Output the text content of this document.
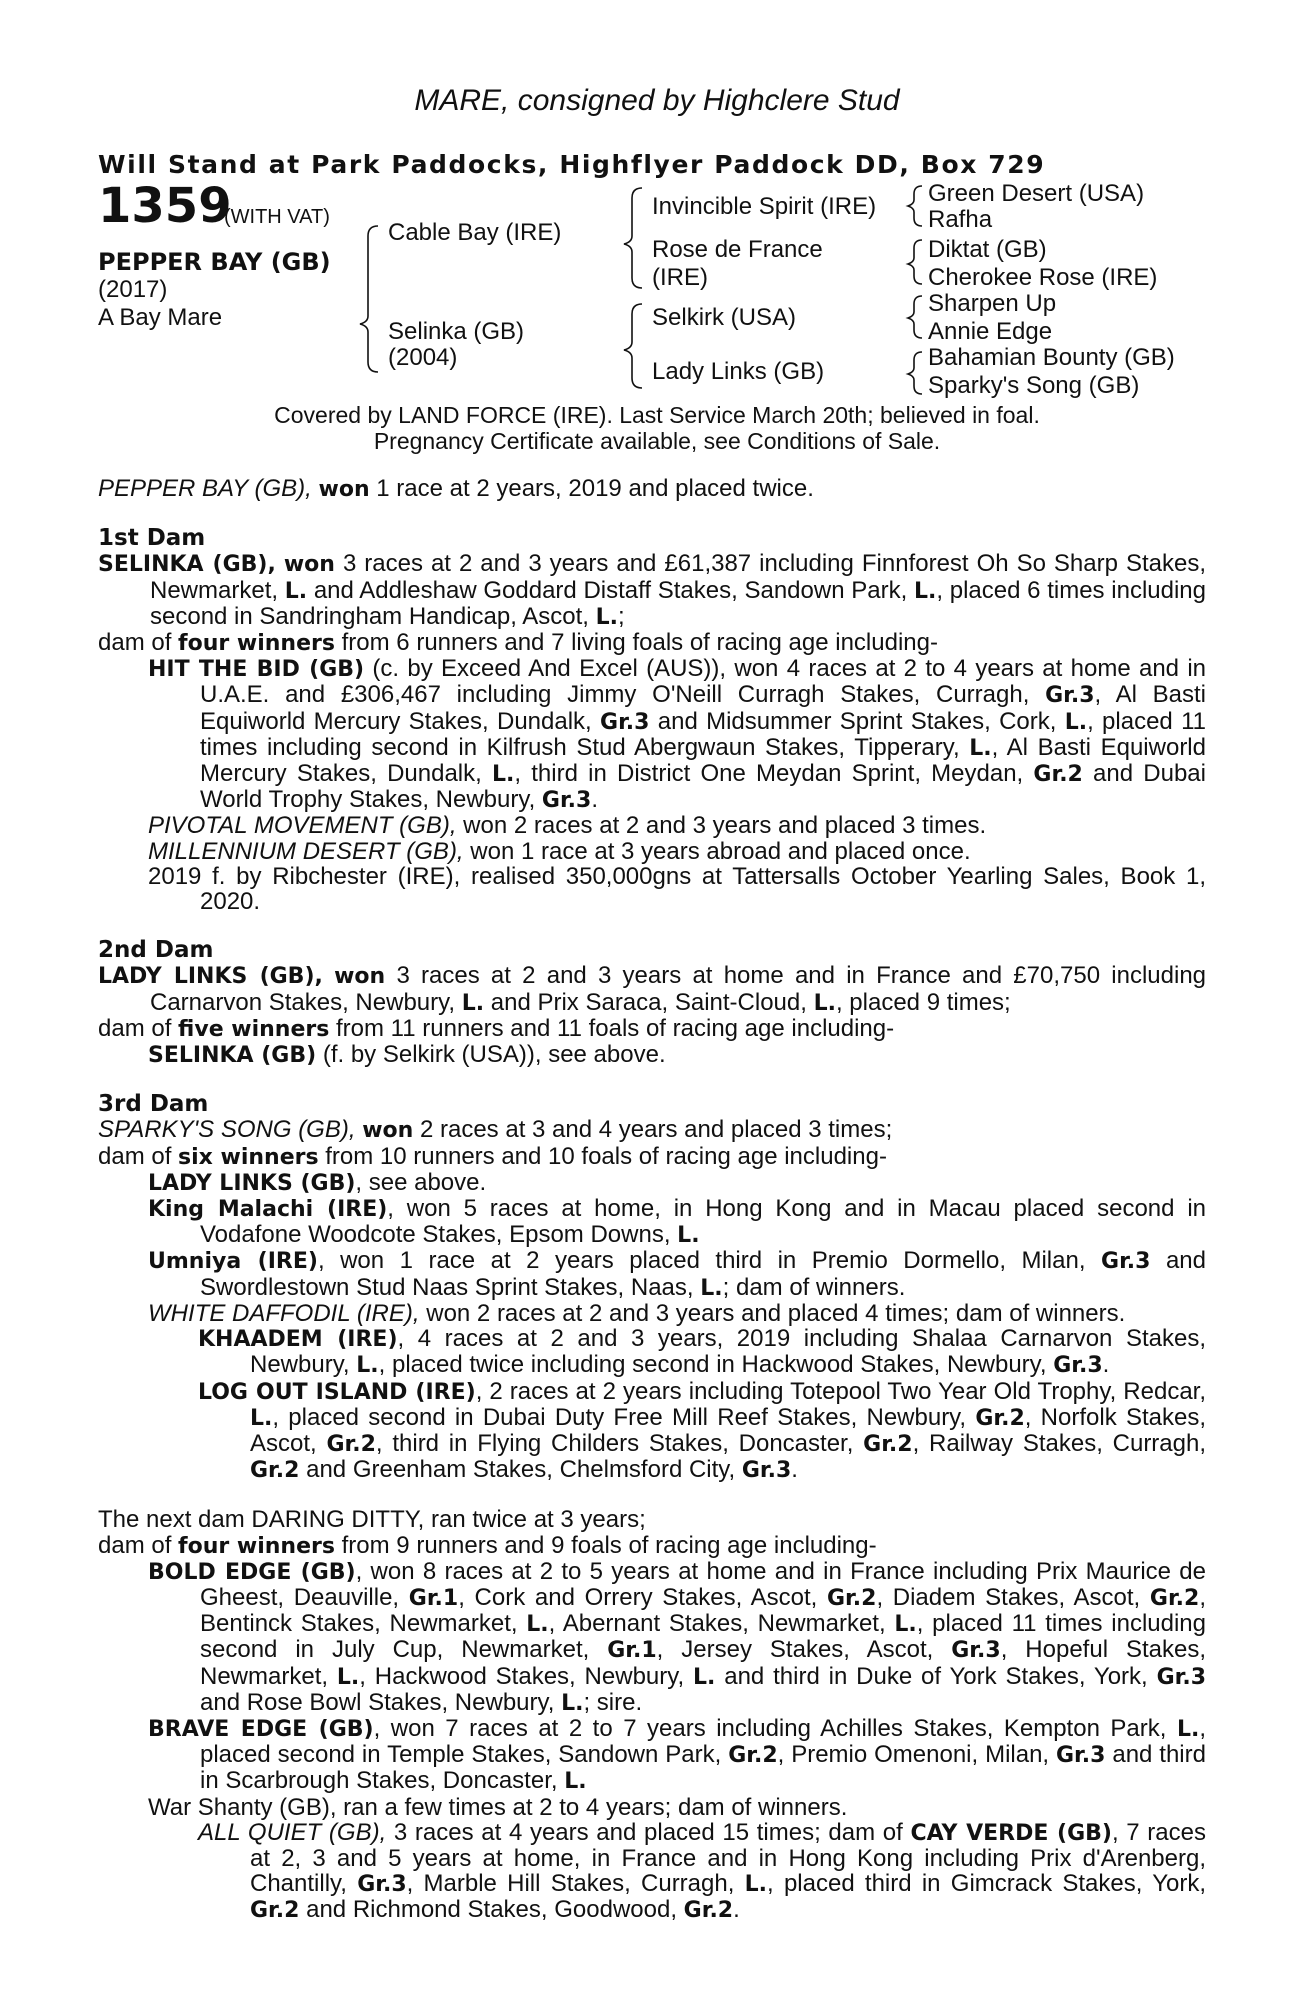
MARE, consigned by Highclere Stud
Will Stand at Park Paddocks, Highflyer Paddock DD, Box 729
1359
(WITH VAT)
PEPPER BAY (GB)
(2017)
A Bay Mare
Cable Bay (IRE)
Selinka (GB)
(2004)
Invincible Spirit (IRE)
Rose de France
(IRE)
Selkirk (USA)
Lady Links (GB)
Green Desert (USA)
Rafha
Diktat (GB)
Cherokee Rose (IRE)
Sharpen Up
Annie Edge
Bahamian Bounty (GB)
Sparky's Song (GB)
Covered by LAND FORCE (IRE). Last Service March 20th; believed in foal.
Pregnancy Certificate available, see Conditions of Sale.

PEPPER BAY (GB), won 1 race at 2 years, 2019 and placed twice.

1st Dam

SELINKA (GB), won 3 races at 2 and 3 years and £61,387 including Finnforest Oh So Sharp Stakes, Newmarket, L. and Addleshaw Goddard Distaff Stakes, Sandown Park, L., placed 6 times including second in Sandringham Handicap, Ascot, L.;

dam of four winners from 6 runners and 7 living foals of racing age including-

HIT THE BID (GB) (c. by Exceed And Excel (AUS)), won 4 races at 2 to 4 years at home and in U.A.E. and £306,467 including Jimmy O'Neill Curragh Stakes, Curragh, Gr.3, Al Basti Equiworld Mercury Stakes, Dundalk, Gr.3 and Midsummer Sprint Stakes, Cork, L., placed 11 times including second in Kilfrush Stud Abergwaun Stakes, Tipperary, L., Al Basti Equiworld Mercury Stakes, Dundalk, L., third in District One Meydan Sprint, Meydan, Gr.2 and Dubai World Trophy Stakes, Newbury, Gr.3.

PIVOTAL MOVEMENT (GB), won 2 races at 2 and 3 years and placed 3 times.

MILLENNIUM DESERT (GB), won 1 race at 3 years abroad and placed once.

2019 f. by Ribchester (IRE), realised 350,000gns at Tattersalls October Yearling Sales, Book 1, 2020.

2nd Dam

LADY LINKS (GB), won 3 races at 2 and 3 years at home and in France and £70,750 including Carnarvon Stakes, Newbury, L. and Prix Saraca, Saint-Cloud, L., placed 9 times;

dam of five winners from 11 runners and 11 foals of racing age including-

SELINKA (GB) (f. by Selkirk (USA)), see above.

3rd Dam

SPARKY'S SONG (GB), won 2 races at 3 and 4 years and placed 3 times;

dam of six winners from 10 runners and 10 foals of racing age including-

LADY LINKS (GB), see above.

King Malachi (IRE), won 5 races at home, in Hong Kong and in Macau placed second in Vodafone Woodcote Stakes, Epsom Downs, L.

Umniya (IRE), won 1 race at 2 years placed third in Premio Dormello, Milan, Gr.3 and Swordlestown Stud Naas Sprint Stakes, Naas, L.; dam of winners.

WHITE DAFFODIL (IRE), won 2 races at 2 and 3 years and placed 4 times; dam of winners.

KHAADEM (IRE), 4 races at 2 and 3 years, 2019 including Shalaa Carnarvon Stakes, Newbury, L., placed twice including second in Hackwood Stakes, Newbury, Gr.3.

LOG OUT ISLAND (IRE), 2 races at 2 years including Totepool Two Year Old Trophy, Redcar, L., placed second in Dubai Duty Free Mill Reef Stakes, Newbury, Gr.2, Norfolk Stakes, Ascot, Gr.2, third in Flying Childers Stakes, Doncaster, Gr.2, Railway Stakes, Curragh, Gr.2 and Greenham Stakes, Chelmsford City, Gr.3.

The next dam DARING DITTY, ran twice at 3 years;

dam of four winners from 9 runners and 9 foals of racing age including-

BOLD EDGE (GB), won 8 races at 2 to 5 years at home and in France including Prix Maurice de Gheest, Deauville, Gr.1, Cork and Orrery Stakes, Ascot, Gr.2, Diadem Stakes, Ascot, Gr.2, Bentinck Stakes, Newmarket, L., Abernant Stakes, Newmarket, L., placed 11 times including second in July Cup, Newmarket, Gr.1, Jersey Stakes, Ascot, Gr.3, Hopeful Stakes, Newmarket, L., Hackwood Stakes, Newbury, L. and third in Duke of York Stakes, York, Gr.3 and Rose Bowl Stakes, Newbury, L.; sire.

BRAVE EDGE (GB), won 7 races at 2 to 7 years including Achilles Stakes, Kempton Park, L., placed second in Temple Stakes, Sandown Park, Gr.2, Premio Omenoni, Milan, Gr.3 and third in Scarbrough Stakes, Doncaster, L.

War Shanty (GB), ran a few times at 2 to 4 years; dam of winners.

ALL QUIET (GB), 3 races at 4 years and placed 15 times; dam of CAY VERDE (GB), 7 races at 2, 3 and 5 years at home, in France and in Hong Kong including Prix d'Arenberg, Chantilly, Gr.3, Marble Hill Stakes, Curragh, L., placed third in Gimcrack Stakes, York, Gr.2 and Richmond Stakes, Goodwood, Gr.2.
